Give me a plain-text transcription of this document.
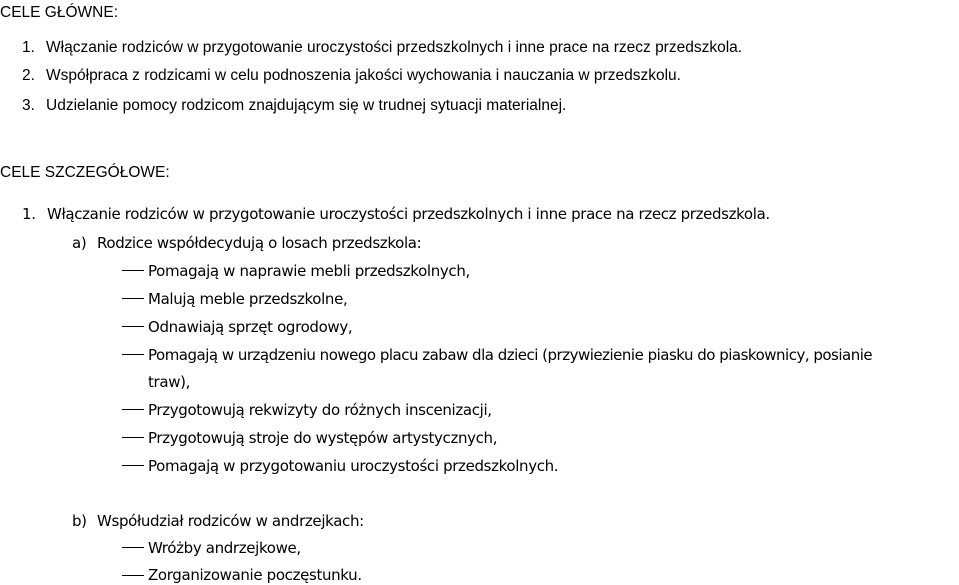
CELE GŁÓWNE:
1. Włączanie rodziców w przygotowanie uroczystości przedszkolnych i inne prace na rzecz przedszkola.
2. Współpraca z rodzicami w celu podnoszenia jakości wychowania i nauczania w przedszkolu.
3. Udzielanie pomocy rodzicom znajdującym się w trudnej sytuacji materialnej.
CELE SZCZEGÓŁOWE:
1. Włączanie rodziców w przygotowanie uroczystości przedszkolnych i inne prace na rzecz przedszkola.
a) Rodzice współdecydują o losach przedszkola:
Pomagają w naprawie mebli przedszkolnych,
Malują meble przedszkolne,
Odnawiają sprzęt ogrodowy,
Pomagają w urządzeniu nowego placu zabaw dla dzieci (przywiezienie piasku do piaskownicy, posianie
traw),
Przygotowują rekwizyty do różnych inscenizacji,
Przygotowują stroje do występów artystycznych,
Pomagają w przygotowaniu uroczystości przedszkolnych.
b) Współudział rodziców w andrzejkach:
Wróżby andrzejkowe,
Zorganizowanie poczęstunku.
